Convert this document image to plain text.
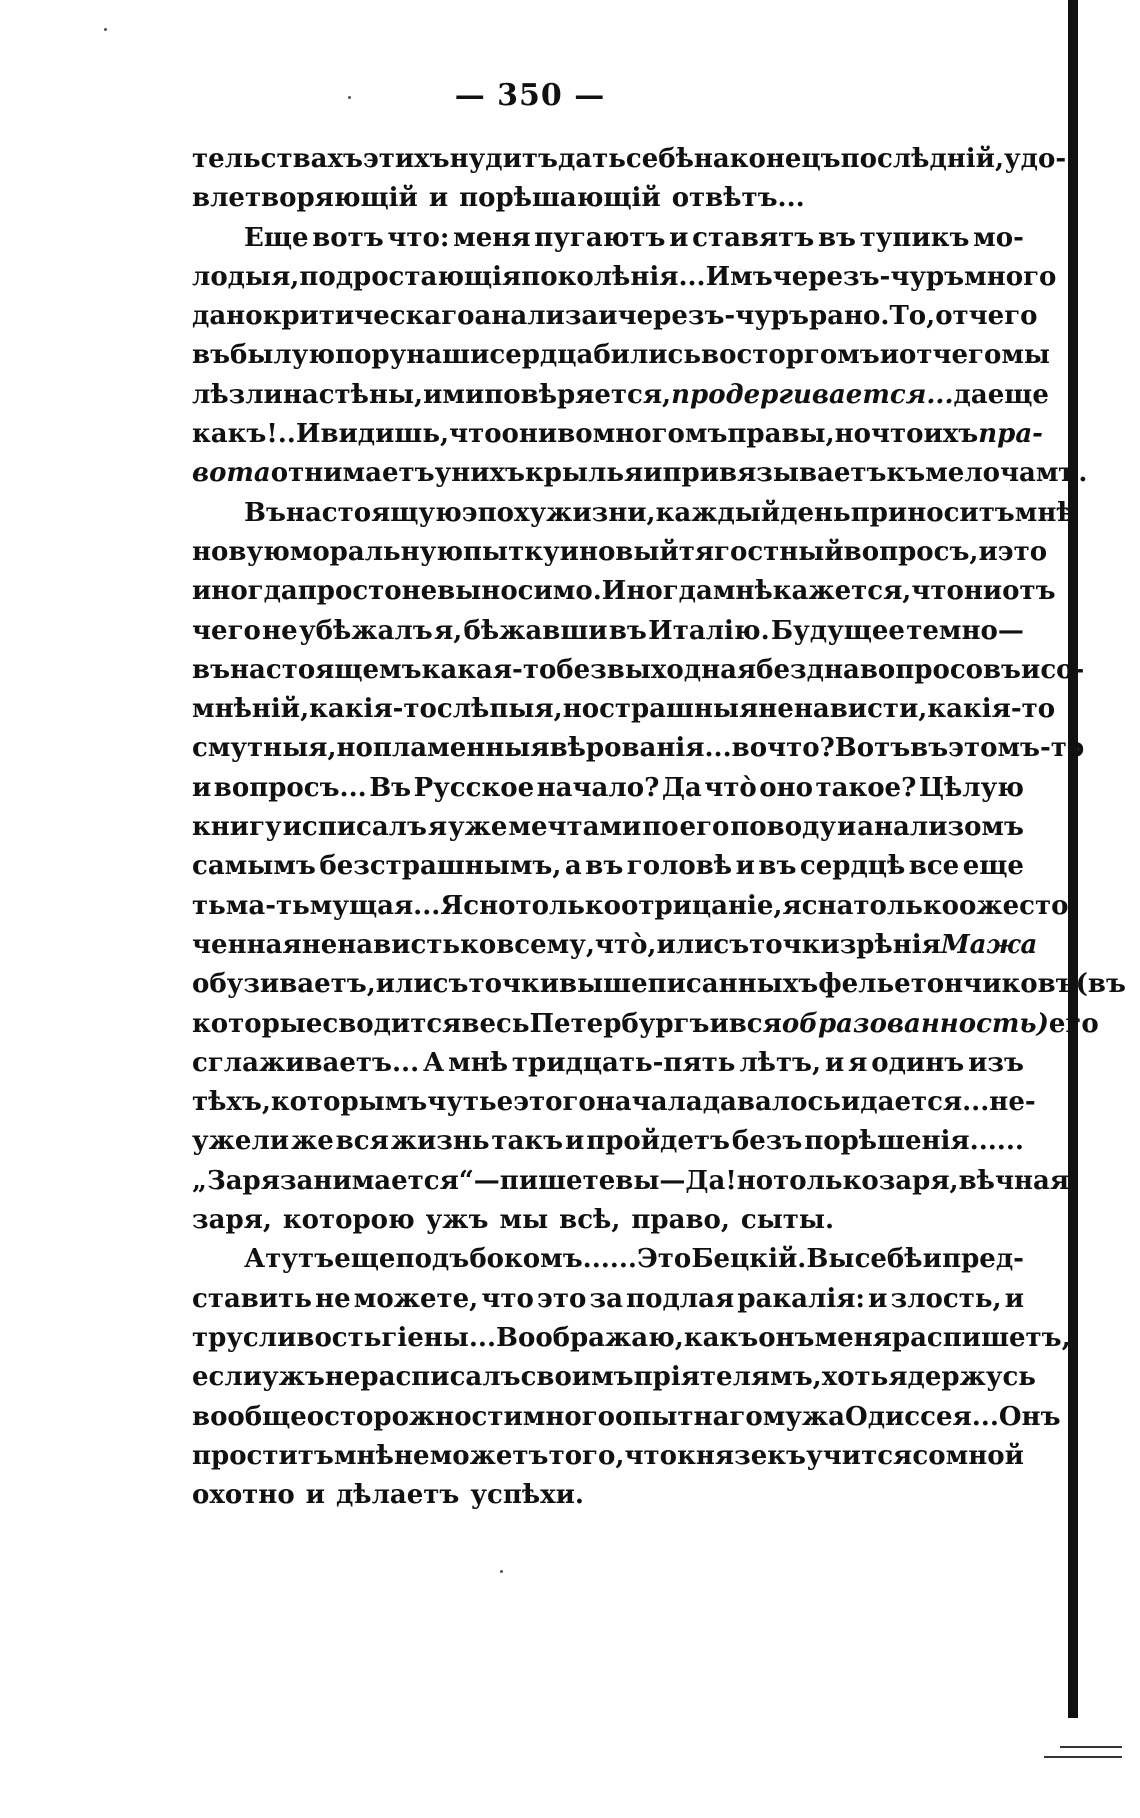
— 350 —
тельствахъ этихъ нудитъ дать себѣ наконецъ послѣдній, удо-
влетворяющій и порѣшающій отвѣтъ...
Еще вотъ что: меня пугаютъ и ставятъ въ тупикъ мо-
лодыя, подростающія поколѣнія... Имъ черезъ-чуръ много
дано критическаго анализа и черезъ-чуръ рано. То, отчего
въ былую пору наши сердца бились восторгомъ и отчего мы
лѣзли на стѣны, ими повѣряется, продергивается... да еще
какъ!.. И видишь, что они во многомъ правы, но что ихъ пра-
вота отнимаетъ у нихъ крылья и привязываетъ къ мелочамъ.
Въ настоящую эпоху жизни, каждый день приноситъ мнѣ
новую моральную пытку и новый тягостный вопросъ, и это
иногда просто невыносимо. Иногда мнѣ кажется, что ни отъ
чего не убѣжалъ я, бѣжавши въ Италію. Будущее темно—
въ настоящемъ какая-то безвыходная бездна вопросовъ и со-
мнѣній, какія-то слѣпыя, но страшныя ненависти, какія-то
смутныя, но пламенныя вѣрованія... во что? Вотъ въ этомъ-то
и вопросъ... Въ Русское начало? Да что̀ оно такое? Цѣлую
книгу исписалъ я уже мечтами по его поводу и анализомъ
самымъ безстрашнымъ, а въ головѣ и въ сердцѣ все еще
тьма-тьмущая... Ясно только отрицаніе, ясна только ожесто-
ченная ненависть ко всему, что̀, или съ точки зрѣнія Мажа
обузиваетъ, или съ точки вышеписанныхъ фельетончиковъ (въ
которые сводится весь Петербургъ и вся образованность) его
сглаживаетъ... А мнѣ тридцать-пять лѣтъ, и я одинъ изъ
тѣхъ, которымъ чутье этого начала давалось и дается... не-
ужели же вся жизнь такъ и пройдетъ безъ порѣшенія......
„Заря занимается“—пишете вы—Да! но только заря, вѣчная
заря, которою ужъ мы всѣ, право, сыты.
А тутъ еще подъ бокомъ...... Это Бецкій. Вы себѣ и пред-
ставить не можете, что это за подлая ракалія: и злость, и
трусливость гіены... Воображаю, какъ онъ меня распишетъ,
если ужъ не расписалъ своимъ пріятелямъ, хоть я держусь
вообще осторожности многоопытнаго мужа Одиссея... Онъ
проститъ мнѣ не можетъ того, что князекъ учится со мной
охотно и дѣлаетъ успѣхи.
